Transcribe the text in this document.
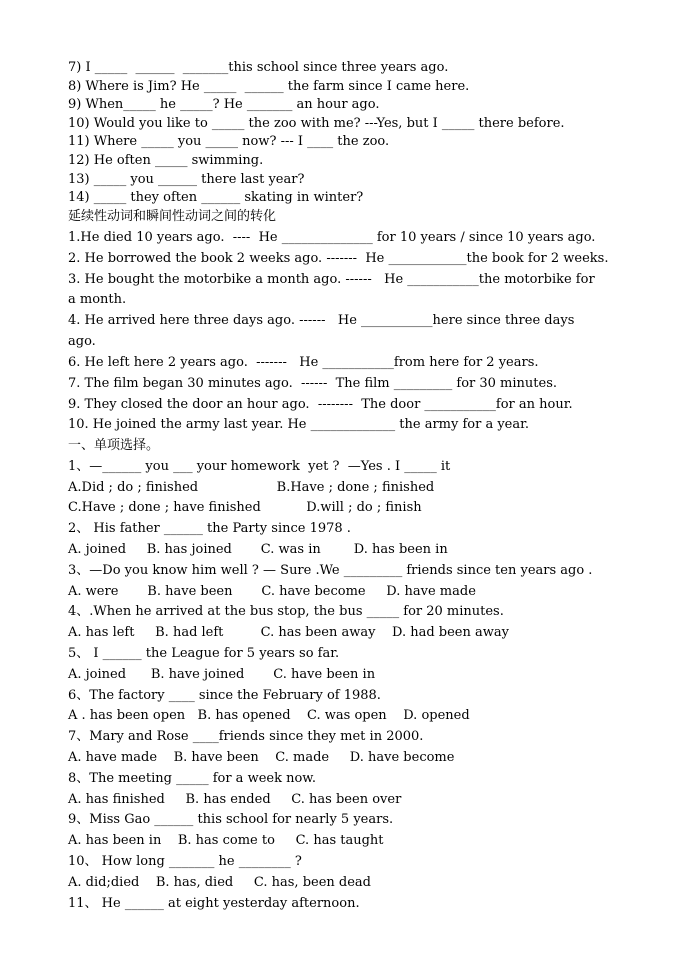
7) I _____  ______  _______this school since three years ago.
8) Where is Jim? He _____  ______ the farm since I came here.
9) When_____ he _____? He _______ an hour ago.
10) Would you like to _____ the zoo with me? ---Yes, but I _____ there before.
11) Where _____ you _____ now? --- I ____ the zoo.
12) He often _____ swimming.
13) _____ you ______ there last year?
14) _____ they often ______ skating in winter?
延续性动词和瞬间性动词之间的转化
1.He died 10 years ago.  ----  He ______________ for 10 years / since 10 years ago.
2. He borrowed the book 2 weeks ago. -------  He ____________the book for 2 weeks.
3. He bought the motorbike a month ago. ------   He ___________the motorbike for
a month.
4. He arrived here three days ago. ------   He ___________here since three days
ago.
6. He left here 2 years ago.  -------   He ___________from here for 2 years.
7. The film began 30 minutes ago.  ------  The film _________ for 30 minutes.
9. They closed the door an hour ago.  --------  The door ___________for an hour.
10. He joined the army last year. He _____________ the army for a year.
一、单项选择。
1、—______ you ___ your homework  yet ?  —Yes . I _____ it
A.Did ; do ; finished                   B.Have ; done ; finished
C.Have ; done ; have finished           D.will ; do ; finish
2、 His father ______ the Party since 1978 .
A. joined     B. has joined       C. was in        D. has been in
3、—Do you know him well ? — Sure .We _________ friends since ten years ago .
A. were       B. have been       C. have become     D. have made
4、.When he arrived at the bus stop, the bus _____ for 20 minutes.
A. has left     B. had left         C. has been away    D. had been away
5、 I ______ the League for 5 years so far.
A. joined      B. have joined       C. have been in
6、The factory ____ since the February of 1988.
A . has been open   B. has opened    C. was open    D. opened
7、Mary and Rose ____friends since they met in 2000.
A. have made    B. have been    C. made     D. have become
8、The meeting _____ for a week now.
A. has finished     B. has ended     C. has been over
9、Miss Gao ______ this school for nearly 5 years.
A. has been in    B. has come to     C. has taught
10、 How long _______ he ________ ?
A. did;died    B. has, died     C. has, been dead
11、 He ______ at eight yesterday afternoon.
